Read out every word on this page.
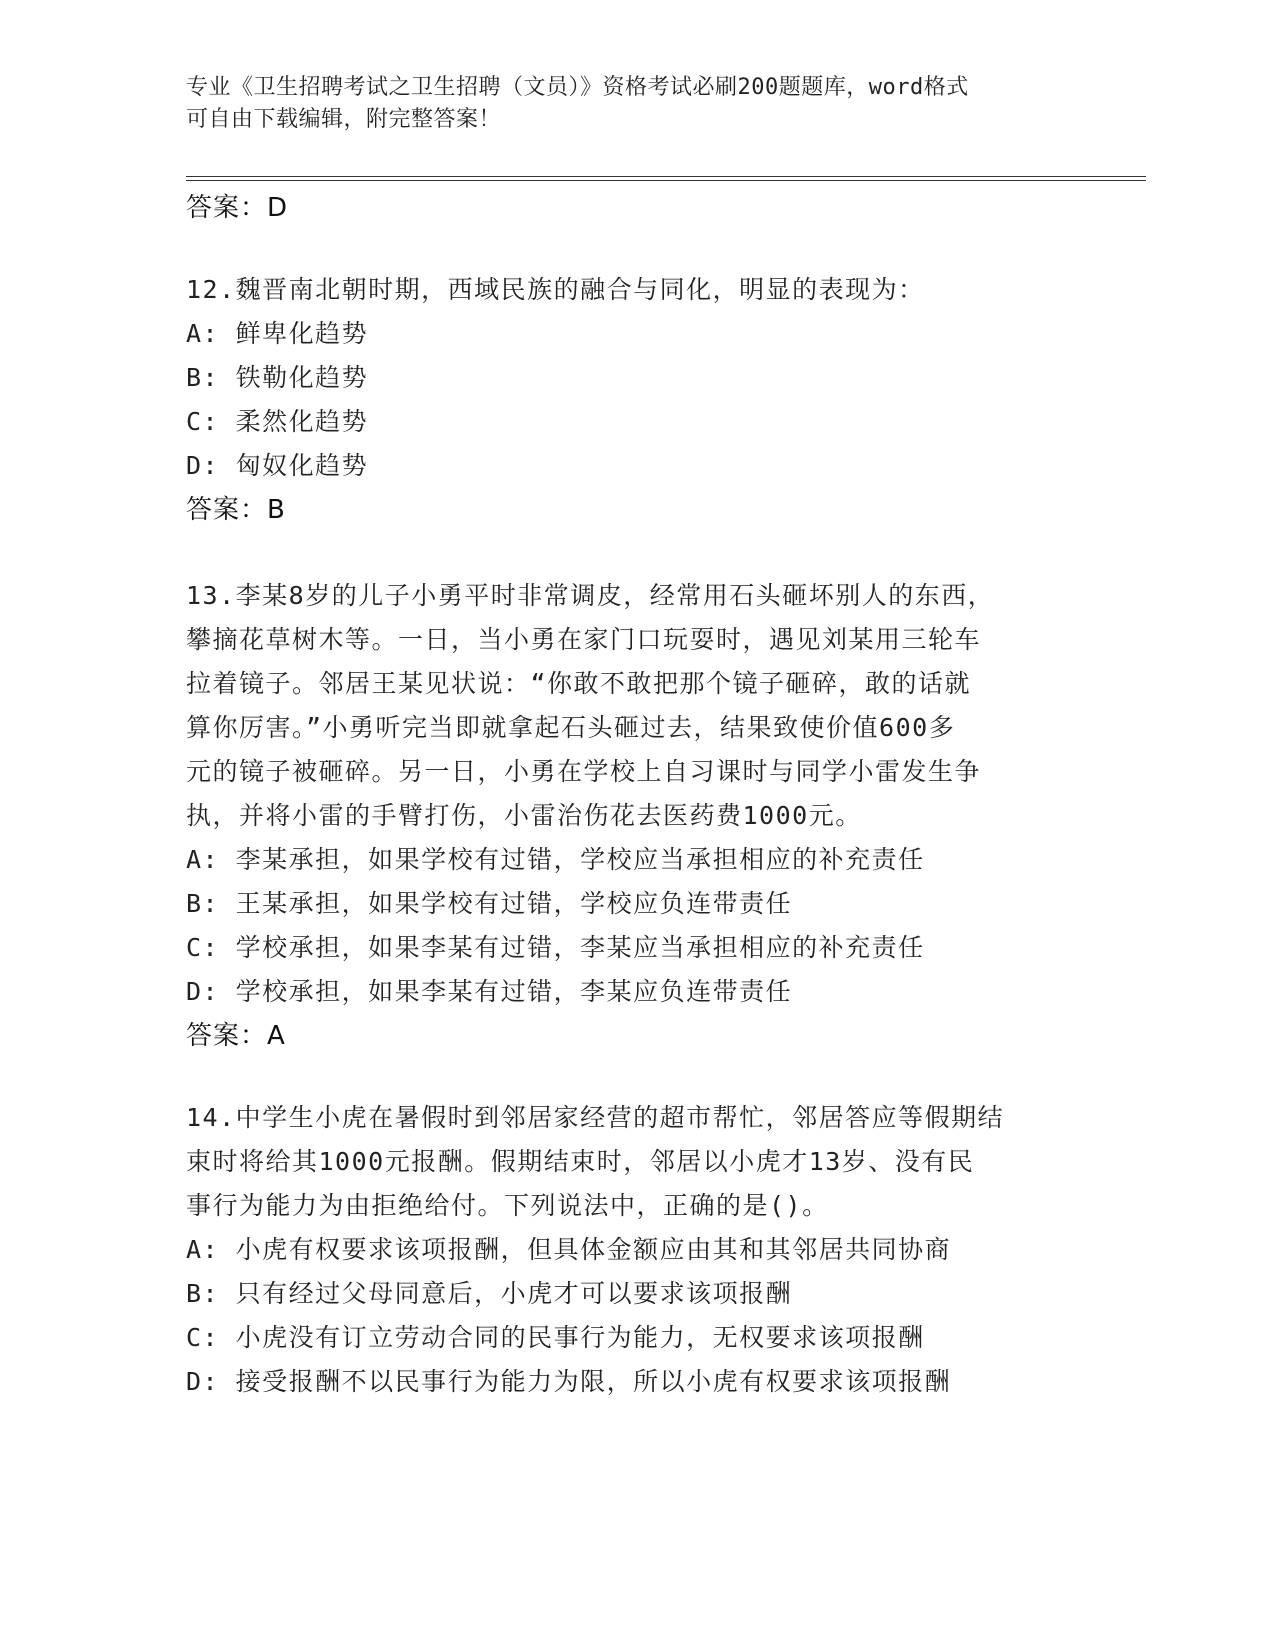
专业《卫生招聘考试之卫生招聘（文员）》资格考试必刷200题题库，word格式
可自由下载编辑，附完整答案！
答案：D
12.魏晋南北朝时期，西域民族的融合与同化，明显的表现为：
A: 鲜卑化趋势
B: 铁勒化趋势
C: 柔然化趋势
D: 匈奴化趋势
答案：B
13.李某8岁的儿子小勇平时非常调皮，经常用石头砸坏别人的东西，
攀摘花草树木等。一日，当小勇在家门口玩耍时，遇见刘某用三轮车
拉着镜子。邻居王某见状说：“你敢不敢把那个镜子砸碎，敢的话就
算你厉害。”小勇听完当即就拿起石头砸过去，结果致使价值600多
元的镜子被砸碎。另一日，小勇在学校上自习课时与同学小雷发生争
执，并将小雷的手臂打伤，小雷治伤花去医药费1000元。
A: 李某承担，如果学校有过错，学校应当承担相应的补充责任
B: 王某承担，如果学校有过错，学校应负连带责任
C: 学校承担，如果李某有过错，李某应当承担相应的补充责任
D: 学校承担，如果李某有过错，李某应负连带责任
答案：A
14.中学生小虎在暑假时到邻居家经营的超市帮忙，邻居答应等假期结
束时将给其1000元报酬。假期结束时，邻居以小虎才13岁、没有民
事行为能力为由拒绝给付。下列说法中，正确的是()。
A: 小虎有权要求该项报酬，但具体金额应由其和其邻居共同协商
B: 只有经过父母同意后，小虎才可以要求该项报酬
C: 小虎没有订立劳动合同的民事行为能力，无权要求该项报酬
D: 接受报酬不以民事行为能力为限，所以小虎有权要求该项报酬
